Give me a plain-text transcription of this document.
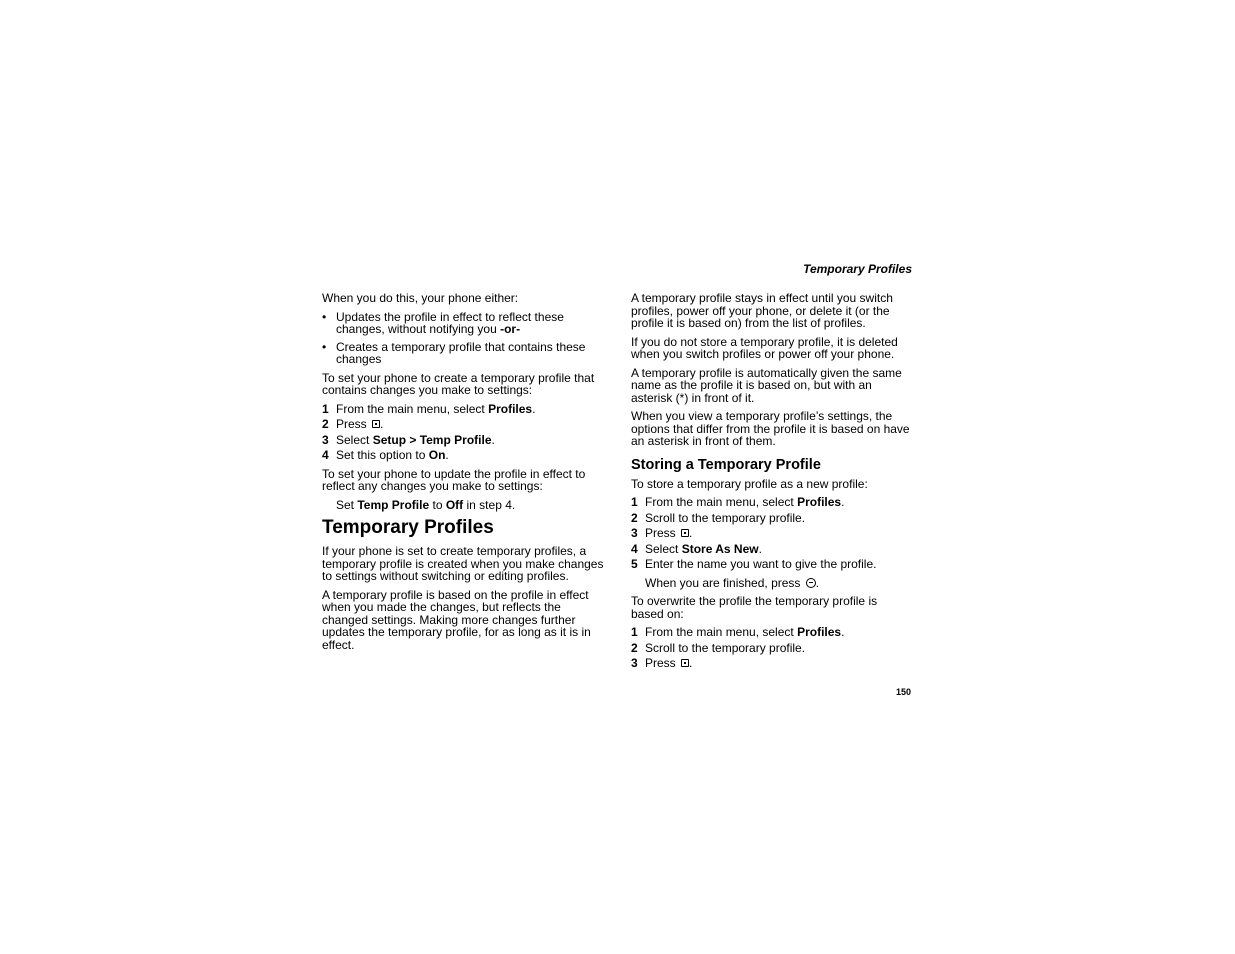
Temporary Profiles

When you do this, your phone either:

• Updates the profile in effect to reflect these changes, without notifying you -or-
• Creates a temporary profile that contains these changes

To set your phone to create a temporary profile that contains changes you make to settings:

1 From the main menu, select Profiles.
2 Press .
3 Select Setup > Temp Profile.
4 Set this option to On.

To set your phone to update the profile in effect to reflect any changes you make to settings:

Set Temp Profile to Off in step 4.

Temporary Profiles

If your phone is set to create temporary profiles, a temporary profile is created when you make changes to settings without switching or editing profiles.

A temporary profile is based on the profile in effect when you made the changes, but reflects the changed settings. Making more changes further updates the temporary profile, for as long as it is in effect.

A temporary profile stays in effect until you switch profiles, power off your phone, or delete it (or the profile it is based on) from the list of profiles.

If you do not store a temporary profile, it is deleted when you switch profiles or power off your phone.

A temporary profile is automatically given the same name as the profile it is based on, but with an asterisk (*) in front of it.

When you view a temporary profile’s settings, the options that differ from the profile it is based on have an asterisk in front of them.

Storing a Temporary Profile

To store a temporary profile as a new profile:

1 From the main menu, select Profiles.
2 Scroll to the temporary profile.
3 Press .
4 Select Store As New.
5 Enter the name you want to give the profile.

When you are finished, press .

To overwrite the profile the temporary profile is based on:

1 From the main menu, select Profiles.
2 Scroll to the temporary profile.
3 Press .
150
